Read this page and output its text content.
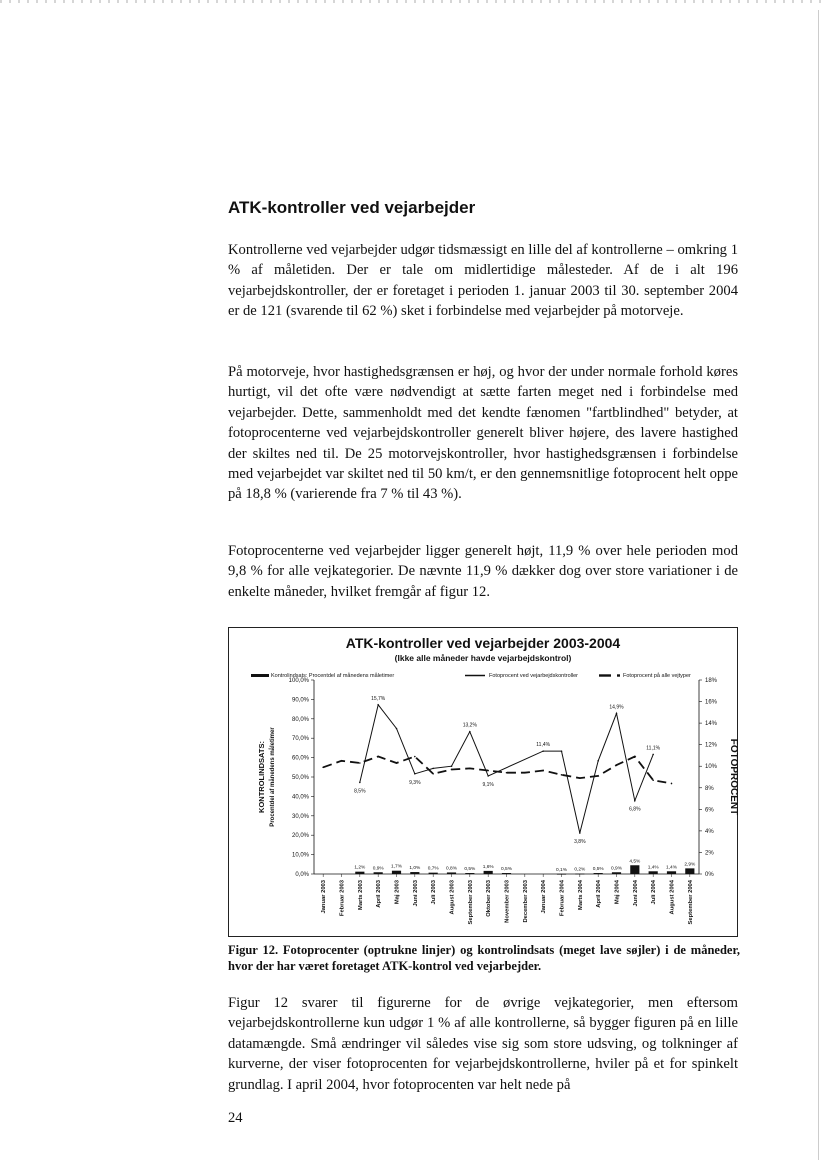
ATK-kontroller ved vejarbejder

Kontrollerne ved vejarbejder udgør tidsmæssigt en lille del af kontrollerne – omkring 1 % af måletiden. Der er tale om midlertidige målesteder. Af de i alt 196 vejarbejdskontroller, der er foretaget i perioden 1. januar 2003 til 30. september 2004 er de 121 (svarende til 62 %) sket i forbindelse med vejarbejder på motorveje.

På motorveje, hvor hastighedsgrænsen er høj, og hvor der under normale forhold køres hurtigt, vil det ofte være nødvendigt at sætte farten meget ned i forbindelse med vejarbejder. Dette, sammenholdt med det kendte fænomen "fartblindhed" betyder, at fotoprocenterne ved vejarbejdskontroller generelt bliver højere, des lavere hastighed der skiltes ned til. De 25 motorvejskontroller, hvor hastighedsgrænsen i forbindelse med vejarbejdet var skiltet ned til 50 km/t, er den gennemsnitlige fotoprocent helt oppe på 18,8 % (varierende fra 7 % til 43 %).

Fotoprocenterne ved vejarbejder ligger generelt højt, 11,9 % over hele perioden mod 9,8 % for alle vejkategorier. De nævnte 11,9 % dækker dog over store variationer i de enkelte måneder, hvilket fremgår af figur 12.

ATK-kontroller ved vejarbejder 2003-2004
(Ikke alle måneder havde vejarbejdskontrol)
Kontrolindsats: Procentdel af månedens måletimer	Fotoprocent ved vejarbejdskontroller	Fotoprocent på alle vejtyper
100,0%
90,0%
80,0%
70,0%
60,0%
50,0%
40,0%
30,0%
20,0%
10,0%
0,0%
18%
16%
14%
12%
10%
8%
6%
4%
2%
0%
KONTROLINDSATS: Procentdel af månedens måletimer	FOTOPROCENT
Januar 2003 Februar 2003 Marts 2003 April 2003 Maj 2003 Juni 2003 Juli 2003 August 2003 September 2003 Oktober 2003 November 2003 December 2003 Januar 2004 Februar 2004 Marts 2004 April 2004 Maj 2004 Juni 2004 Juli 2004 August 2004 September 2004
1,2% 0,9% 1,7% 1,0% 0,7% 0,8% 0,5% 1,6% 0,5%	0,1% 0,2% 0,5% 0,9%
4,5%
1,4% 1,4%
2,9%
8,5%
15,7%
9,3%
13,2%
9,1%
11,4%
3,8%
14,9%
6,8%
11,1%

Figur 12. Fotoprocenter (optrukne linjer) og kontrolindsats (meget lave søjler) i de måneder, hvor der har været foretaget ATK-kontrol ved vejarbejder.

Figur 12 svarer til figurerne for de øvrige vejkategorier, men eftersom vejarbejdskontrollerne kun udgør 1 % af alle kontrollerne, så bygger figuren på en lille datamængde. Små ændringer vil således vise sig som store udsving, og tolkninger af kurverne, der viser fotoprocenten for vejarbejdskontrollerne, hviler på et for spinkelt grundlag. I april 2004, hvor fotoprocenten var helt nede på

24
